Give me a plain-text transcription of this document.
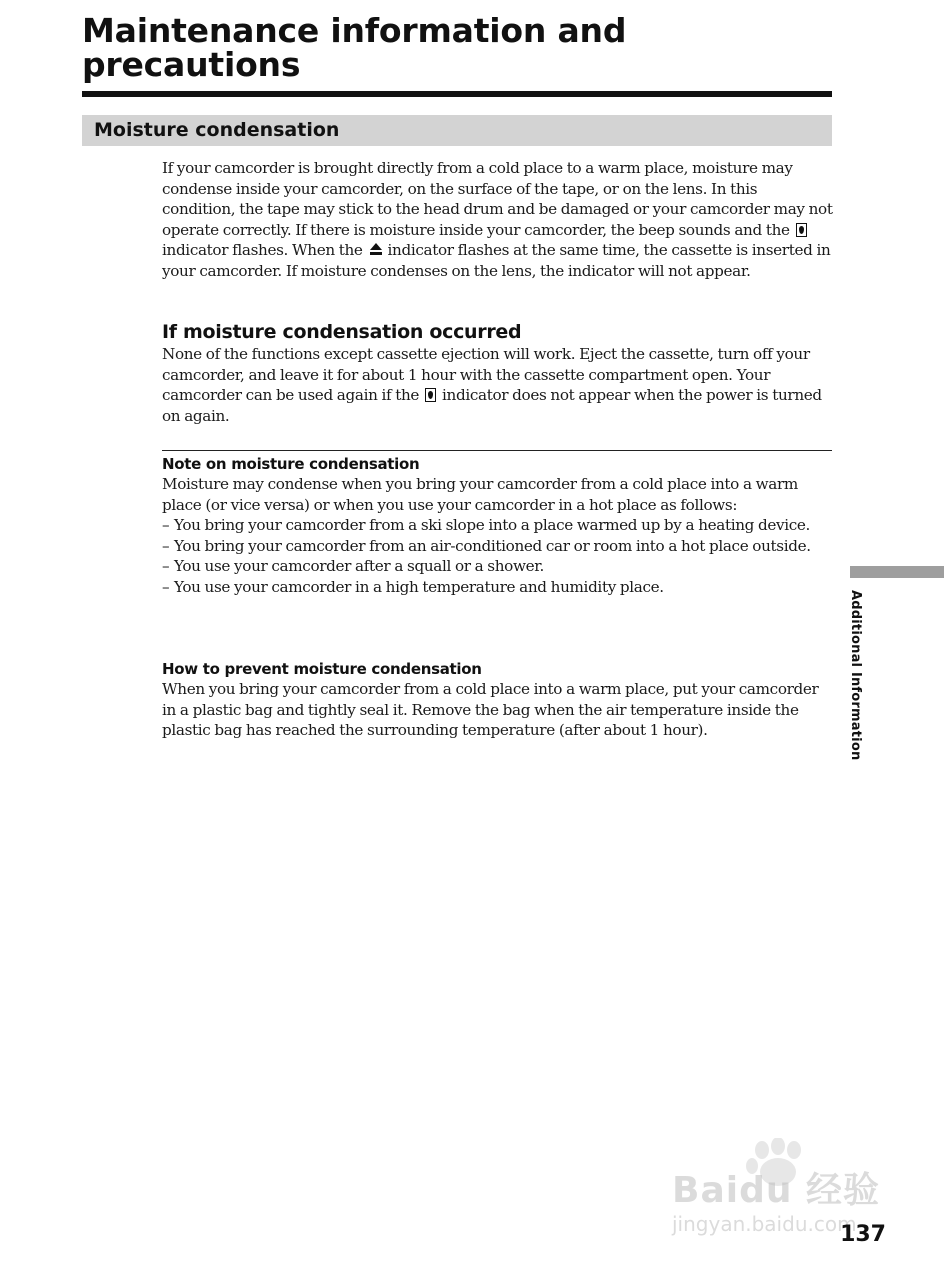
Maintenance information and precautions
Moisture condensation

If your camcorder is brought directly from a cold place to a warm place, moisture may condense inside your camcorder, on the surface of the tape, or on the lens. In this condition, the tape may stick to the head drum and be damaged or your camcorder may not operate correctly. If there is moisture inside your camcorder, the beep sounds and the  indicator flashes. When the indicator flashes at the same time, the cassette is inserted in your camcorder. If moisture condenses on the lens, the indicator will not appear.

If moisture condensation occurred

None of the functions except cassette ejection will work. Eject the cassette, turn off your camcorder, and leave it for about 1 hour with the cassette compartment open. Your camcorder can be used again if the indicator does not appear when the power is turned on again.

Note on moisture condensation

Moisture may condense when you bring your camcorder from a cold place into a warm place (or vice versa) or when you use your camcorder in a hot place as follows:

– You bring your camcorder from a ski slope into a place warmed up by a heating device.
– You bring your camcorder from an air-conditioned car or room into a hot place outside.
– You use your camcorder after a squall or a shower.
– You use your camcorder in a high temperature and humidity place.
How to prevent moisture condensation

When you bring your camcorder from a cold place into a warm place, put your camcorder in a plastic bag and tightly seal it. Remove the bag when the air temperature inside the plastic bag has reached the surrounding temperature (after about 1 hour).	Additional Information
Baidu 经验
jingyan.baidu.com
137
